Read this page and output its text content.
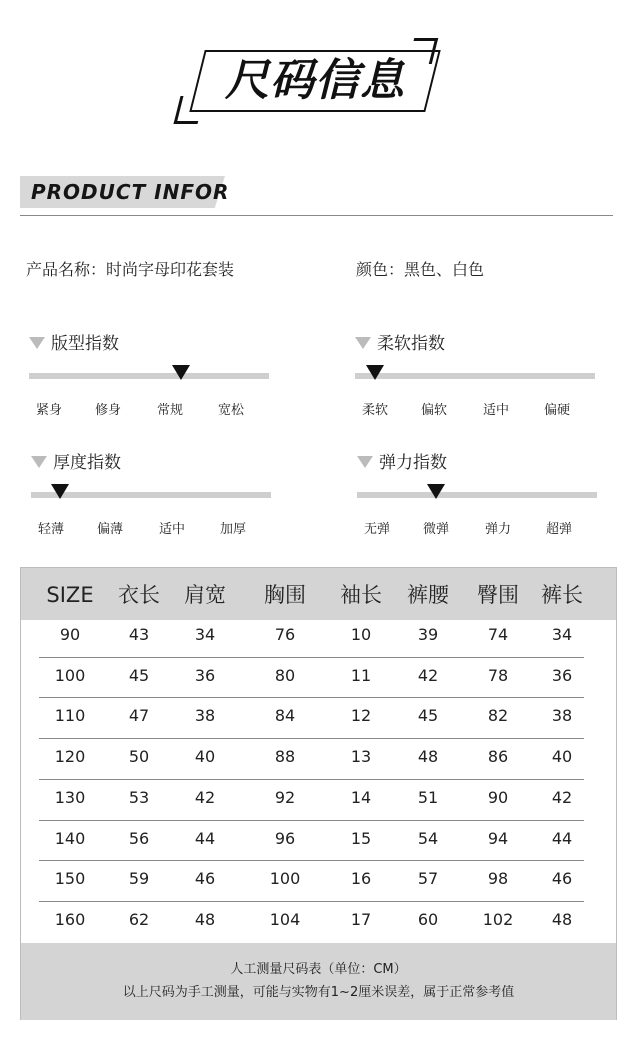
尺码信息
PRODUCT INFOR
产品名称：时尚字母印花套装	颜色：黑色、白色
版型指数
紧身	修身	常规	宽松
柔软指数
柔软	偏软	适中	偏硬
厚度指数
轻薄	偏薄	适中	加厚
弹力指数
无弹	微弹	弹力	超弹
SIZE	衣长	肩宽	胸围	袖长	裤腰	臀围	裤长
90	43	34	76	10	39	74	34
100	45	36	80	11	42	78	36
110	47	38	84	12	45	82	38
120	50	40	88	13	48	86	40
130	53	42	92	14	51	90	42
140	56	44	96	15	54	94	44
150	59	46	100	16	57	98	46
160	62	48	104	17	60	102	48
人工测量尺码表（单位：CM）
以上尺码为手工测量，可能与实物有1~2厘米误差，属于正常参考值
